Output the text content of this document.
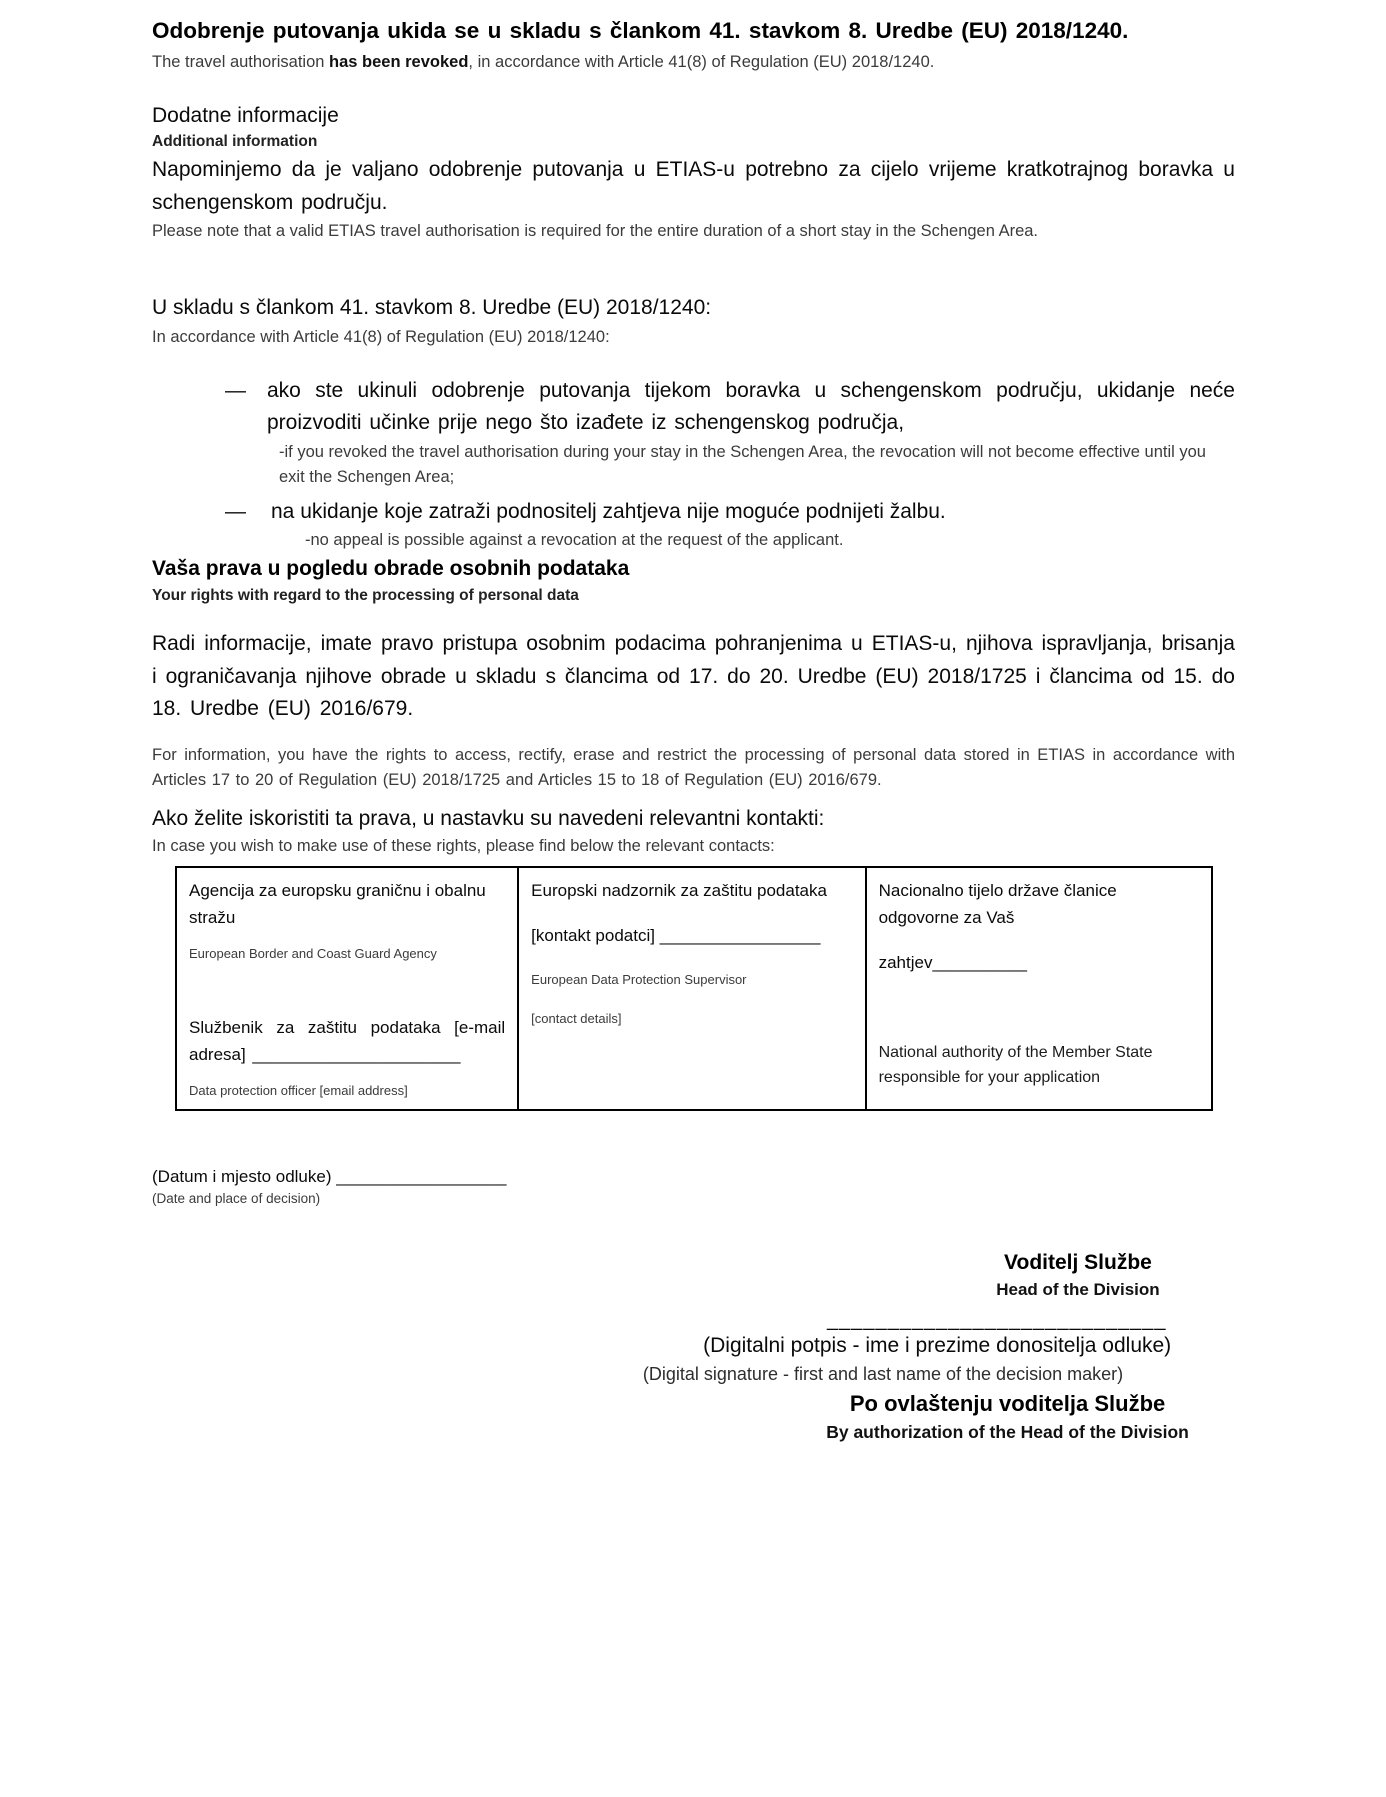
Odobrenje putovanja ukida se u skladu s člankom 41. stavkom 8. Uredbe (EU) 2018/1240.

The travel authorisation has been revoked, in accordance with Article 41(8) of Regulation (EU) 2018/1240.

Dodatne informacije

Additional information

Napominjemo da je valjano odobrenje putovanja u ETIAS-u potrebno za cijelo vrijeme kratkotrajnog boravka u schengenskom području.

Please note that a valid ETIAS travel authorisation is required for the entire duration of a short stay in the Schengen Area.

U skladu s člankom 41. stavkom 8. Uredbe (EU) 2018/1240:

In accordance with Article 41(8) of Regulation (EU) 2018/1240:

—	ako ste ukinuli odobrenje putovanja tijekom boravka u schengenskom području, ukidanje neće proizvoditi učinke prije nego što izađete iz schengenskog područja,

-if you revoked the travel authorisation during your stay in the Schengen Area, the revocation will not become effective until you exit the Schengen Area;

—	na ukidanje koje zatraži podnositelj zahtjeva nije moguće podnijeti žalbu.

-no appeal is possible against a revocation at the request of the applicant.

Vaša prava u pogledu obrade osobnih podataka

Your rights with regard to the processing of personal data

Radi informacije, imate pravo pristupa osobnim podacima pohranjenima u ETIAS-u, njihova ispravljanja, brisanja i ograničavanja njihove obrade u skladu s člancima od 17. do 20. Uredbe (EU) 2018/1725 i člancima od 15. do 18. Uredbe (EU) 2016/679.

For information, you have the rights to access, rectify, erase and restrict the processing of personal data stored in ETIAS in accordance with Articles 17 to 20 of Regulation (EU) 2018/1725 and Articles 15 to 18 of Regulation (EU) 2016/679.

Ako želite iskoristiti ta prava, u nastavku su navedeni relevantni kontakti:

In case you wish to make use of these rights, please find below the relevant contacts:

Agencija za europsku graničnu i obalnu stražu

European Border and Coast Guard Agency

Službenik za zaštitu podataka [e-mail adresa] ______________________

Data protection officer [email address]

Europski nadzornik za zaštitu podataka

[kontakt podatci] _________________

European Data Protection Supervisor

[contact details]

Nacionalno tijelo države članice odgovorne za Vaš

zahtjev__________

National authority of the Member State responsible for your application

(Datum i mjesto odluke) __________________

(Date and place of decision)

Voditelj Službe

Head of the Division

____________________________

(Digitalni potpis - ime i prezime donositelja odluke)

(Digital signature - first and last name of the decision maker)

Po ovlaštenju voditelja Službe

By authorization of the Head of the Division
